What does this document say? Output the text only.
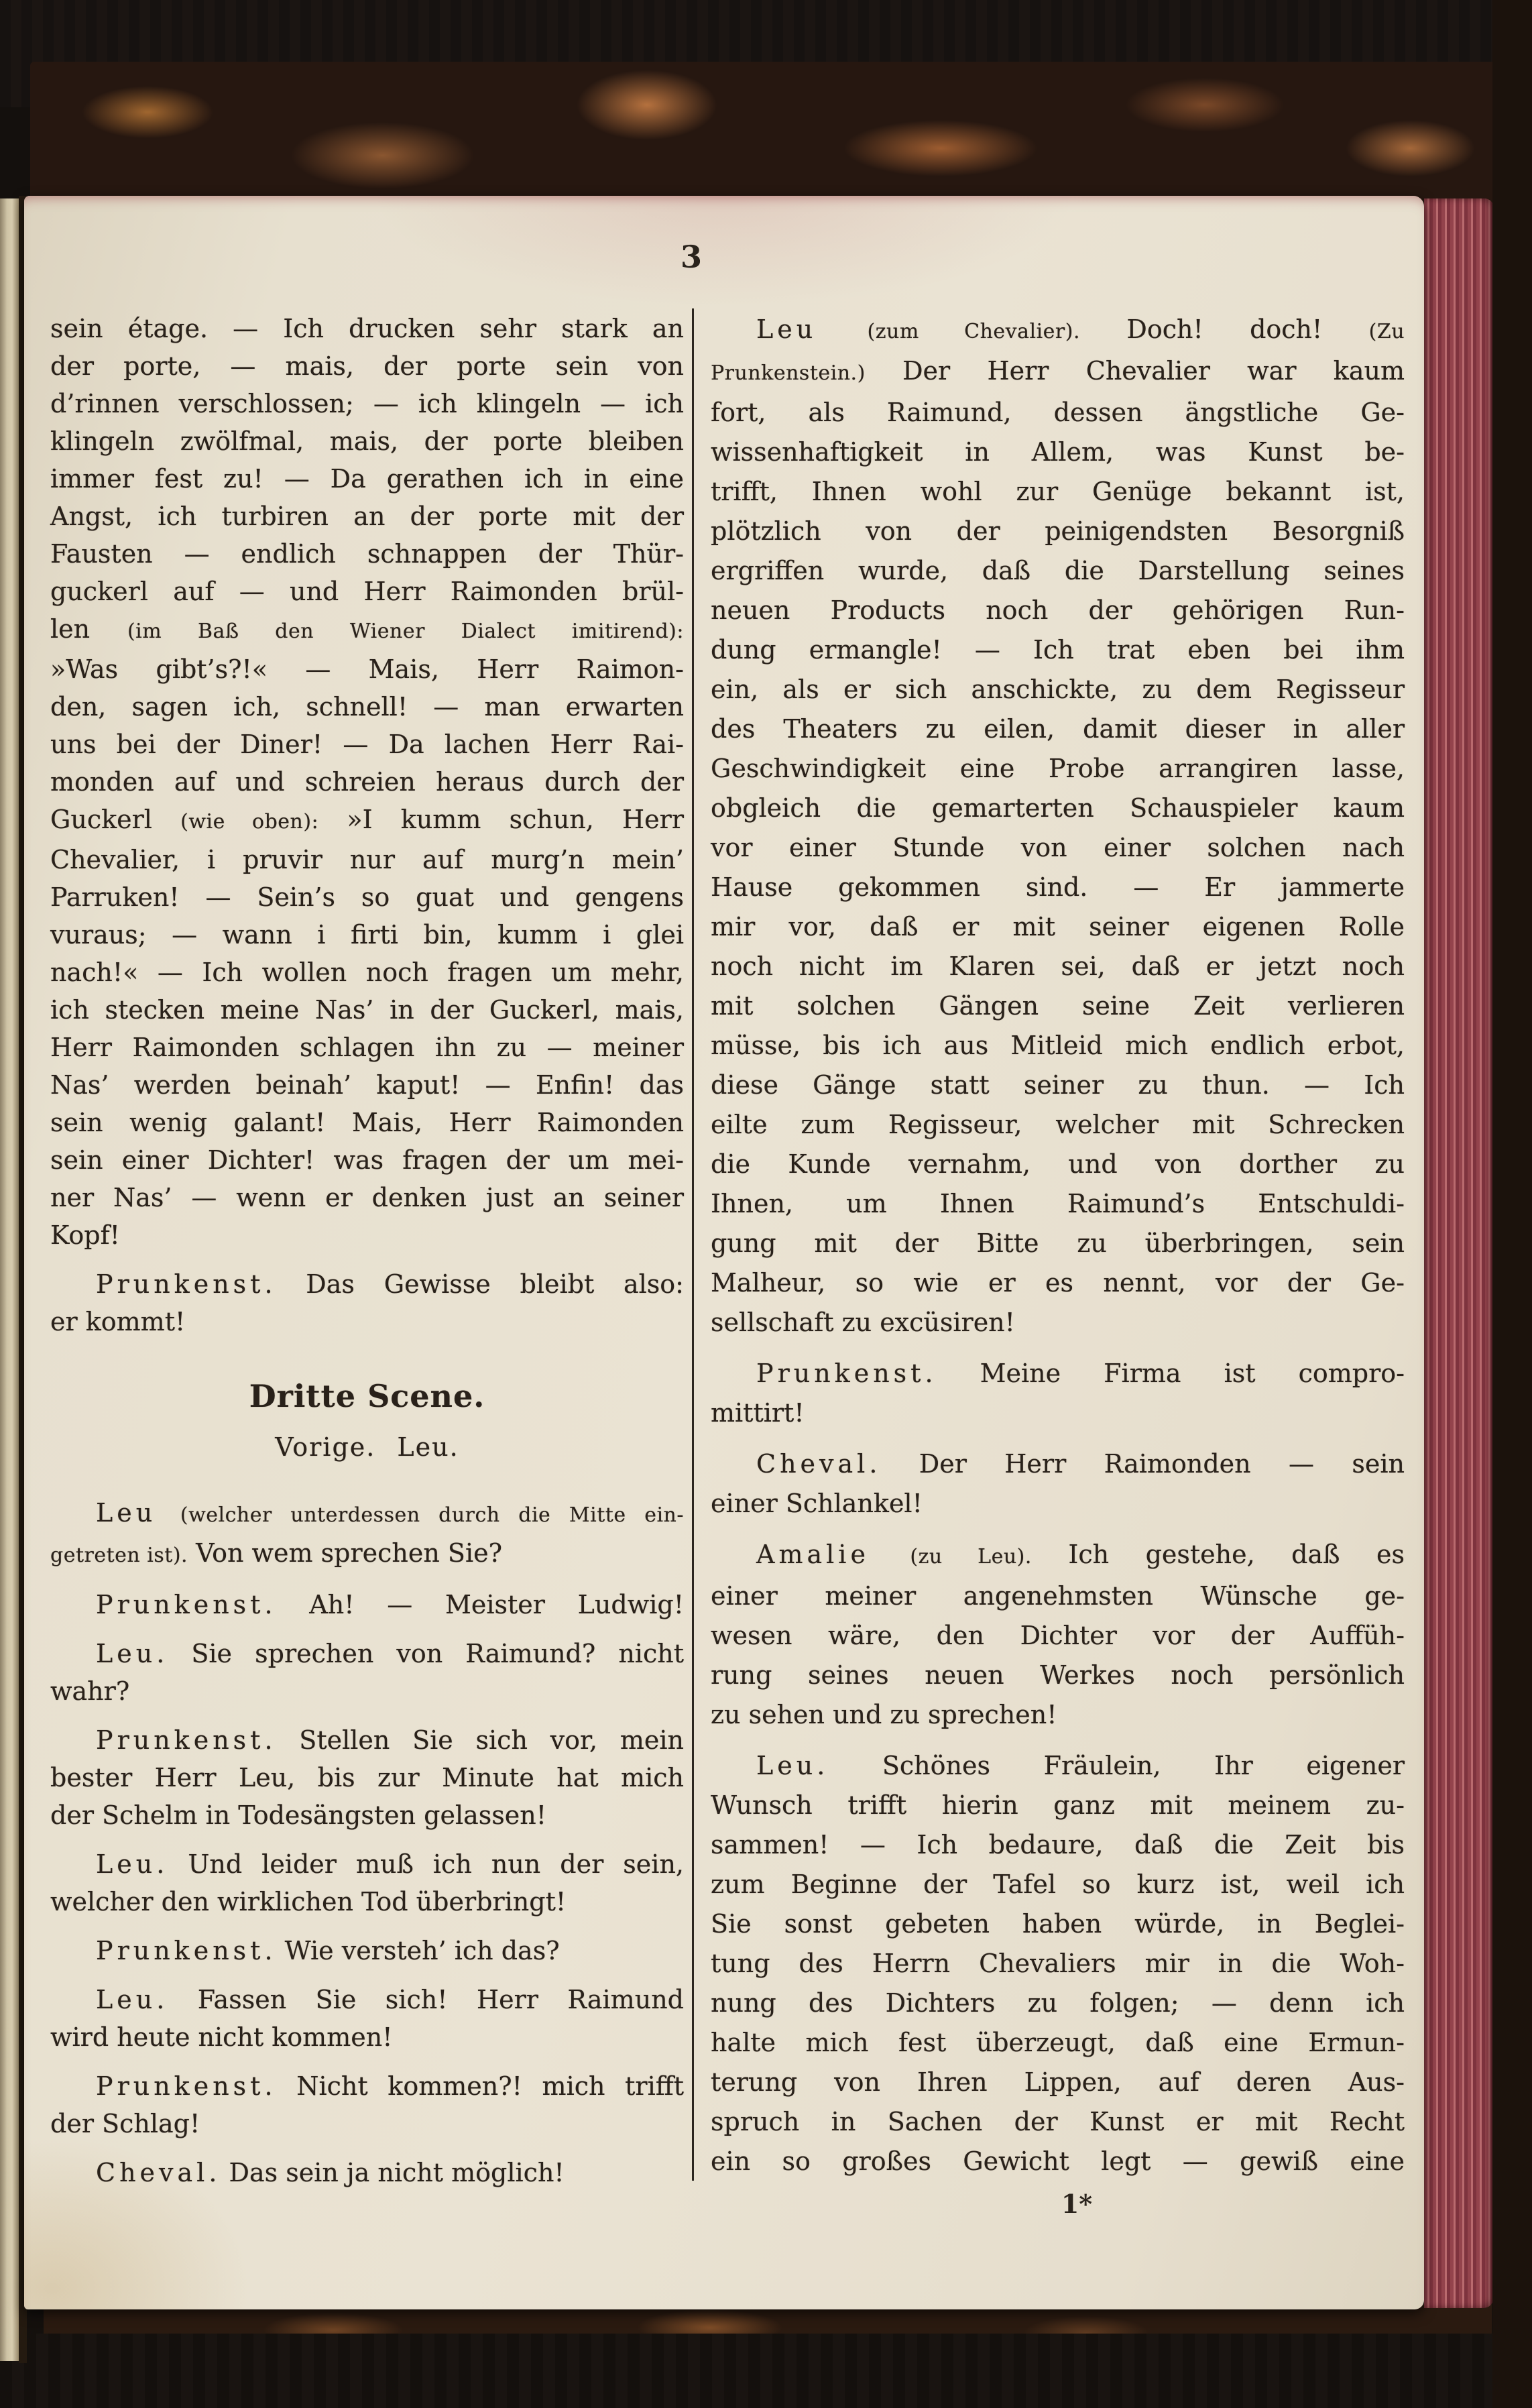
3
sein étage. — Ich drucken sehr stark an
der porte, — mais, der porte sein von
d’rinnen verschlossen; — ich klingeln — ich
klingeln zwölfmal, mais, der porte bleiben
immer fest zu! — Da gerathen ich in eine
Angst, ich turbiren an der porte mit der
Fausten — endlich schnappen der Thür-
guckerl auf — und Herr Raimonden brül-
len (im Baß den Wiener Dialect imitirend):
»Was gibt’s?!« — Mais, Herr Raimon-
den, sagen ich, schnell! — man erwarten
uns bei der Diner! — Da lachen Herr Rai-
monden auf und schreien heraus durch der
Guckerl (wie oben): »I kumm schun, Herr
Chevalier, i pruvir nur auf murg’n mein’
Parruken! — Sein’s so guat und gengens
vuraus; — wann i firti bin, kumm i glei
nach!« — Ich wollen noch fragen um mehr,
ich stecken meine Nas’ in der Guckerl, mais,
Herr Raimonden schlagen ihn zu — meiner
Nas’ werden beinah’ kaput! — Enfin! das
sein wenig galant! Mais, Herr Raimonden
sein einer Dichter! was fragen der um mei-
ner Nas’ — wenn er denken just an seiner
Kopf!
Prunkenst. Das Gewisse bleibt also:
er kommt!
Dritte Scene.
Vorige. Leu.
Leu (welcher unterdessen durch die Mitte ein-
getreten ist). Von wem sprechen Sie?
Prunkenst. Ah! — Meister Ludwig!
Leu. Sie sprechen von Raimund? nicht
wahr?
Prunkenst. Stellen Sie sich vor, mein
bester Herr Leu, bis zur Minute hat mich
der Schelm in Todesängsten gelassen!
Leu. Und leider muß ich nun der sein,
welcher den wirklichen Tod überbringt!
Prunkenst. Wie versteh’ ich das?
Leu. Fassen Sie sich! Herr Raimund
wird heute nicht kommen!
Prunkenst. Nicht kommen?! mich trifft
der Schlag!
Cheval. Das sein ja nicht möglich!
Leu (zum Chevalier). Doch! doch! (Zu
Prunkenstein.) Der Herr Chevalier war kaum
fort, als Raimund, dessen ängstliche Ge-
wissenhaftigkeit in Allem, was Kunst be-
trifft, Ihnen wohl zur Genüge bekannt ist,
plötzlich von der peinigendsten Besorgniß
ergriffen wurde, daß die Darstellung seines
neuen Products noch der gehörigen Run-
dung ermangle! — Ich trat eben bei ihm
ein, als er sich anschickte, zu dem Regisseur
des Theaters zu eilen, damit dieser in aller
Geschwindigkeit eine Probe arrangiren lasse,
obgleich die gemarterten Schauspieler kaum
vor einer Stunde von einer solchen nach
Hause gekommen sind. — Er jammerte
mir vor, daß er mit seiner eigenen Rolle
noch nicht im Klaren sei, daß er jetzt noch
mit solchen Gängen seine Zeit verlieren
müsse, bis ich aus Mitleid mich endlich erbot,
diese Gänge statt seiner zu thun. — Ich
eilte zum Regisseur, welcher mit Schrecken
die Kunde vernahm, und von dorther zu
Ihnen, um Ihnen Raimund’s Entschuldi-
gung mit der Bitte zu überbringen, sein
Malheur, so wie er es nennt, vor der Ge-
sellschaft zu excüsiren!
Prunkenst. Meine Firma ist compro-
mittirt!
Cheval. Der Herr Raimonden — sein
einer Schlankel!
Amalie (zu Leu). Ich gestehe, daß es
einer meiner angenehmsten Wünsche ge-
wesen wäre, den Dichter vor der Auffüh-
rung seines neuen Werkes noch persönlich
zu sehen und zu sprechen!
Leu. Schönes Fräulein, Ihr eigener
Wunsch trifft hierin ganz mit meinem zu-
sammen! — Ich bedaure, daß die Zeit bis
zum Beginne der Tafel so kurz ist, weil ich
Sie sonst gebeten haben würde, in Beglei-
tung des Herrn Chevaliers mir in die Woh-
nung des Dichters zu folgen; — denn ich
halte mich fest überzeugt, daß eine Ermun-
terung von Ihren Lippen, auf deren Aus-
spruch in Sachen der Kunst er mit Recht
ein so großes Gewicht legt — gewiß eine
1*
